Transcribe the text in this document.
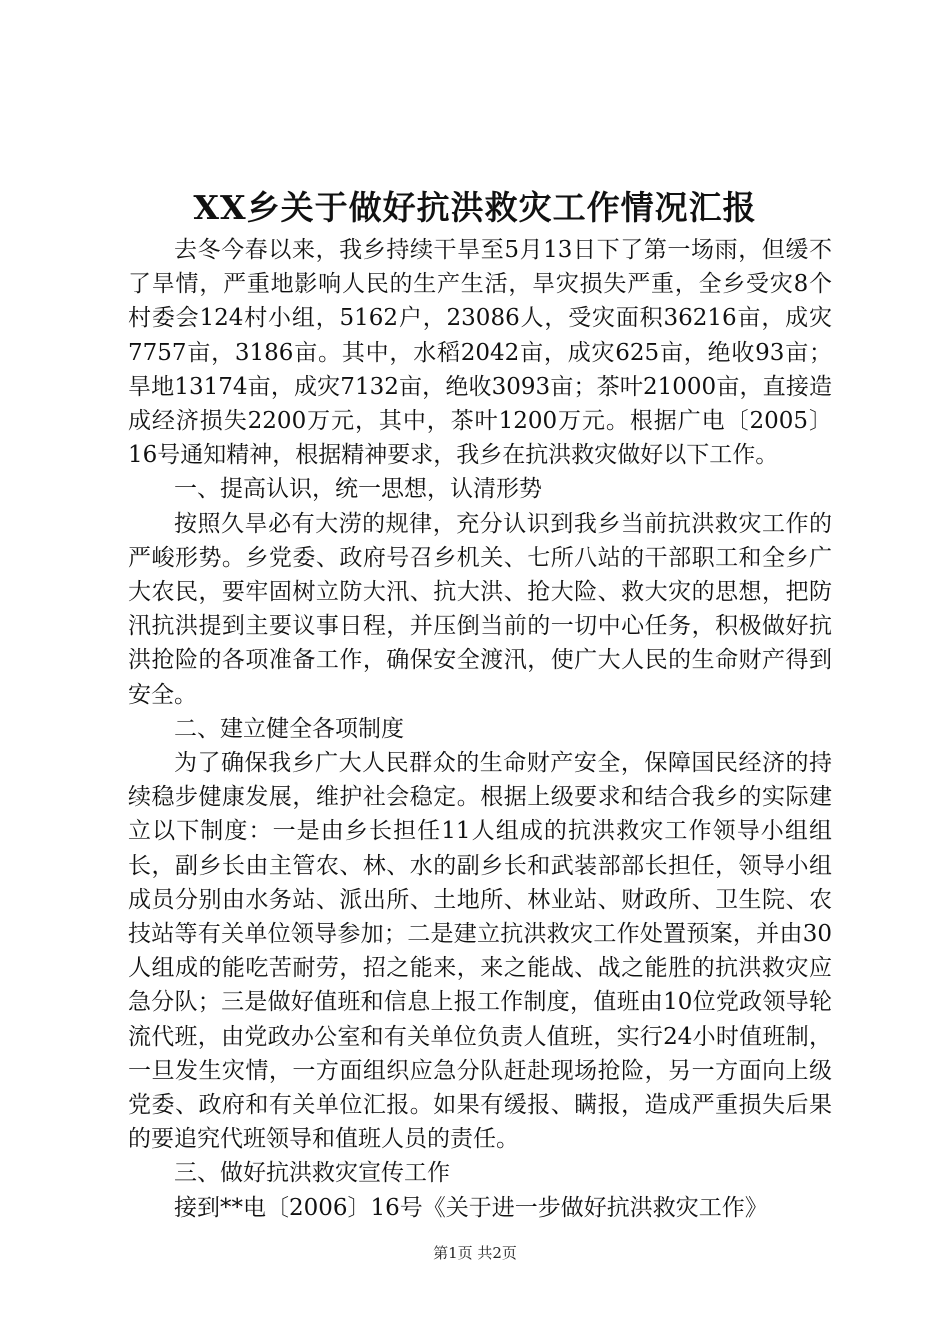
XX乡关于做好抗洪救灾工作情况汇报

去冬今春以来，我乡持续干旱至5月13日下了第一场雨，但缓不了旱情，严重地影响人民的生产生活，旱灾损失严重，全乡受灾8个村委会124村小组，5162户，23086人，受灾面积36216亩，成灾7757亩，3186亩。其中，水稻2042亩，成灾625亩，绝收93亩；旱地13174亩，成灾7132亩，绝收3093亩；茶叶21000亩，直接造成经济损失2200万元，其中，茶叶1200万元。根据广电〔2005〕16号通知精神，根据精神要求，我乡在抗洪救灾做好以下工作。

一、提高认识，统一思想，认清形势

按照久旱必有大涝的规律，充分认识到我乡当前抗洪救灾工作的严峻形势。乡党委、政府号召乡机关、七所八站的干部职工和全乡广大农民，要牢固树立防大汛、抗大洪、抢大险、救大灾的思想，把防汛抗洪提到主要议事日程，并压倒当前的一切中心任务，积极做好抗洪抢险的各项准备工作，确保安全渡汛，使广大人民的生命财产得到安全。

二、建立健全各项制度

为了确保我乡广大人民群众的生命财产安全，保障国民经济的持续稳步健康发展，维护社会稳定。根据上级要求和结合我乡的实际建立以下制度：一是由乡长担任11人组成的抗洪救灾工作领导小组组长，副乡长由主管农、林、水的副乡长和武装部部长担任，领导小组成员分别由水务站、派出所、土地所、林业站、财政所、卫生院、农技站等有关单位领导参加；二是建立抗洪救灾工作处置预案，并由30人组成的能吃苦耐劳，招之能来，来之能战、战之能胜的抗洪救灾应急分队；三是做好值班和信息上报工作制度，值班由10位党政领导轮流代班，由党政办公室和有关单位负责人值班，实行24小时值班制，一旦发生灾情，一方面组织应急分队赶赴现场抢险，另一方面向上级党委、政府和有关单位汇报。如果有缓报、瞒报，造成严重损失后果的要追究代班领导和值班人员的责任。

三、做好抗洪救灾宣传工作

接到**电〔2006〕16号《关于进一步做好抗洪救灾工作》

第1页 共2页
